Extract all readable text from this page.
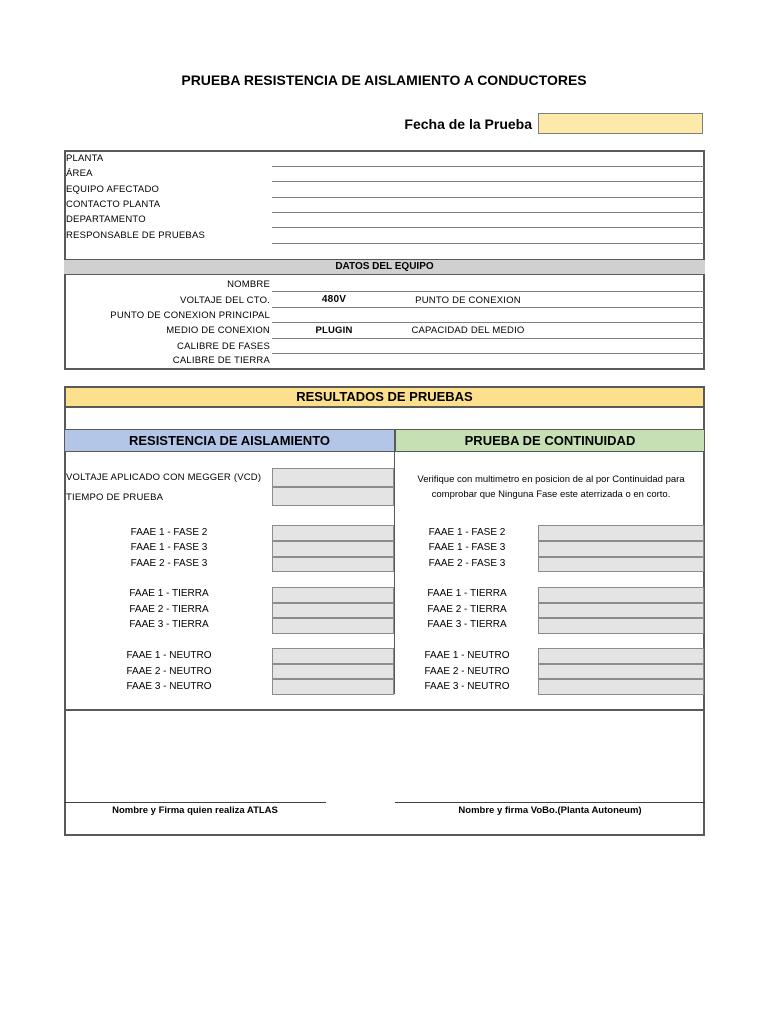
PRUEBA RESISTENCIA DE AISLAMIENTO A CONDUCTORES
Fecha de la Prueba
PLANTA
ÁREA
EQUIPO AFECTADO
CONTACTO PLANTA
DEPARTAMENTO
RESPONSABLE DE PRUEBAS
DATOS DEL EQUIPO
NOMBRE
VOLTAJE DEL CTO.	480V	PUNTO DE CONEXION
PUNTO DE CONEXION PRINCIPAL
MEDIO DE CONEXION	PLUGIN	CAPACIDAD DEL MEDIO
CALIBRE DE FASES
CALIBRE DE TIERRA
RESULTADOS DE PRUEBAS
RESISTENCIA DE AISLAMIENTO	PRUEBA DE CONTINUIDAD
VOLTAJE APLICADO CON MEGGER (VCD)
TIEMPO DE PRUEBA
FAAE 1 - FASE 2
FAAE 1 - FASE 3
FAAE 2 - FASE 3
FAAE 1 - TIERRA
FAAE 2 - TIERRA
FAAE 3 - TIERRA
FAAE 1 - NEUTRO
FAAE 2 - NEUTRO
FAAE 3 - NEUTRO
Verifique con multimetro en posicion de al por Continuidad para
comprobar que Ninguna Fase este aterrizada o en corto.
FAAE 1 - FASE 2
FAAE 1 - FASE 3
FAAE 2 - FASE 3
FAAE 1 - TIERRA
FAAE 2 - TIERRA
FAAE 3 - TIERRA
FAAE 1 - NEUTRO
FAAE 2 - NEUTRO
FAAE 3 - NEUTRO
Nombre y Firma quien realiza ATLAS	Nombre y firma VoBo.(Planta Autoneum)
